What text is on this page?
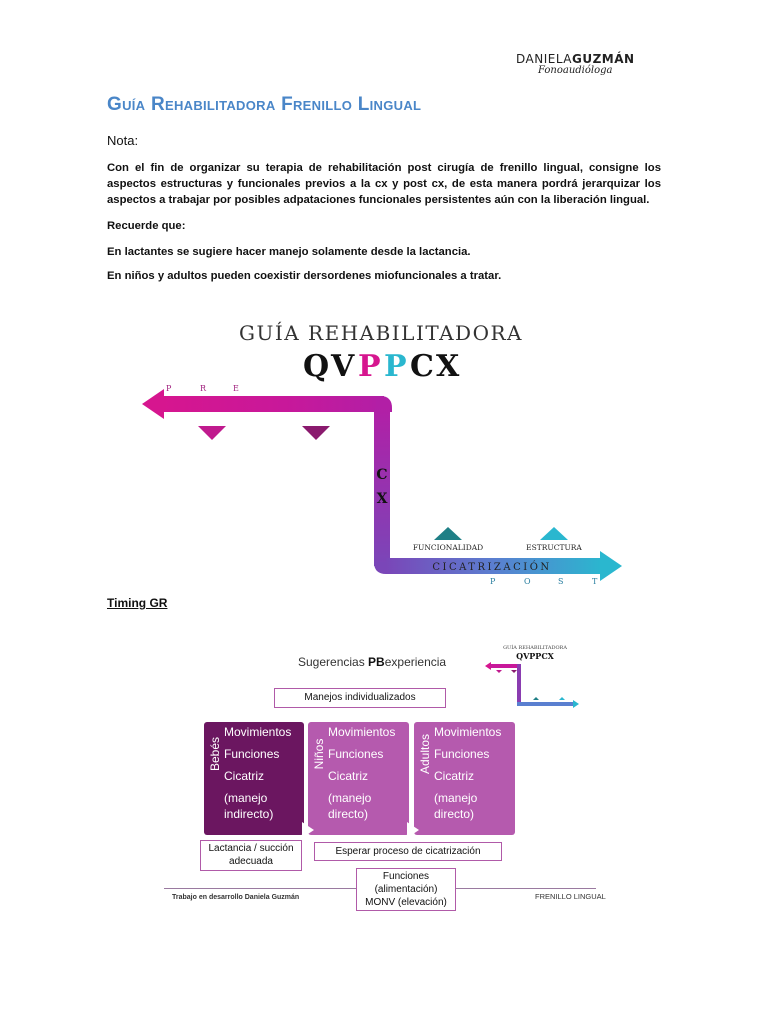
DANIELAGUZMÁN
Fonoaudióloga
Guía Rehabilitadora Frenillo Lingual
Nota:
Con el fin de organizar su terapia de rehabilitación post cirugía de frenillo lingual, consigne los aspectos estructuras y funcionales previos a la cx y post cx, de esta manera pordrá jerarquizar los aspectos a trabajar por posibles adpataciones funcionales persistentes aún con la liberación lingual.
Recuerde que:
En lactantes se sugiere hacer manejo solamente desde la lactancia.
En niños y adultos pueden coexistir dersordenes miofuncionales a tratar.
GUÍA REHABILITADORA
Q V P P C X
P	R	E
ESTRUCTURA	FUNCIONALIDAD
C
X
FUNCIONALIDAD	ESTRUCTURA
CICATRIZACIÓN
P	O	S	T
Timing GR
Sugerencias PBexperiencia
GUÍA REHABILITADORA
QVPPCX
Manejos individualizados
Bebés
Movimientos
Funciones
Cicatriz
(manejo indirecto)
Niños
Movimientos
Funciones
Cicatriz
(manejo directo)
Adultos
Movimientos
Funciones
Cicatriz
(manejo directo)
Trabajo en desarrollo Daniela Guzmán	FRENILLO LINGUAL
Lactancia / succión adecuada
Esperar proceso de cicatrización
Funciones
(alimentación)
MONV (elevación)
